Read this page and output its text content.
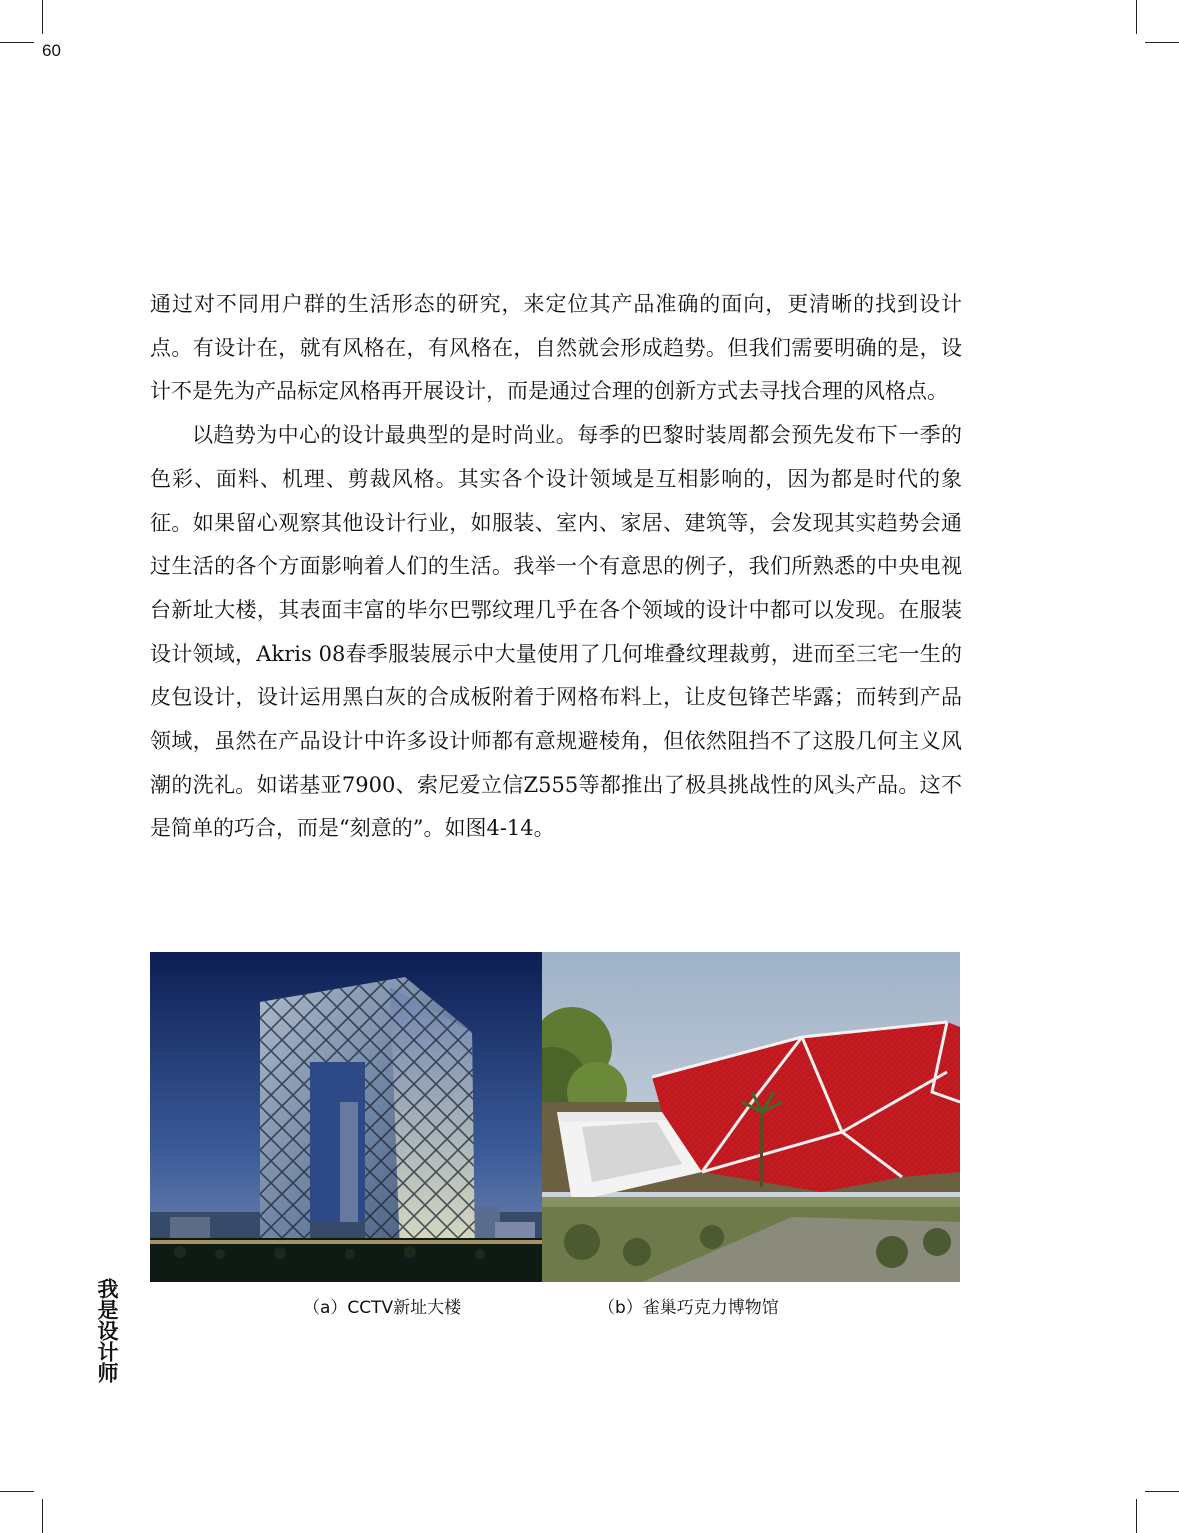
60

通过对不同用户群的生活形态的研究，来定位其产品准确的面向，更清晰的找到设计点。有设计在，就有风格在，有风格在，自然就会形成趋势。但我们需要明确的是，设计不是先为产品标定风格再开展设计，而是通过合理的创新方式去寻找合理的风格点。

以趋势为中心的设计最典型的是时尚业。每季的巴黎时装周都会预先发布下一季的色彩、面料、机理、剪裁风格。其实各个设计领域是互相影响的，因为都是时代的象征。如果留心观察其他设计行业，如服装、室内、家居、建筑等，会发现其实趋势会通过生活的各个方面影响着人们的生活。我举一个有意思的例子，我们所熟悉的中央电视台新址大楼，其表面丰富的毕尔巴鄂纹理几乎在各个领域的设计中都可以发现。在服装设计领域，Akris 08春季服装展示中大量使用了几何堆叠纹理裁剪，进而至三宅一生的皮包设计，设计运用黑白灰的合成板附着于网格布料上，让皮包锋芒毕露；而转到产品领域，虽然在产品设计中许多设计师都有意规避棱角，但依然阻挡不了这股几何主义风潮的洗礼。如诺基亚7900、索尼爱立信Z555等都推出了极具挑战性的风头产品。这不是简单的巧合，而是“刻意的”。如图4-14。

（a）CCTV新址大楼	（b）雀巢巧克力博物馆
我是设计师
